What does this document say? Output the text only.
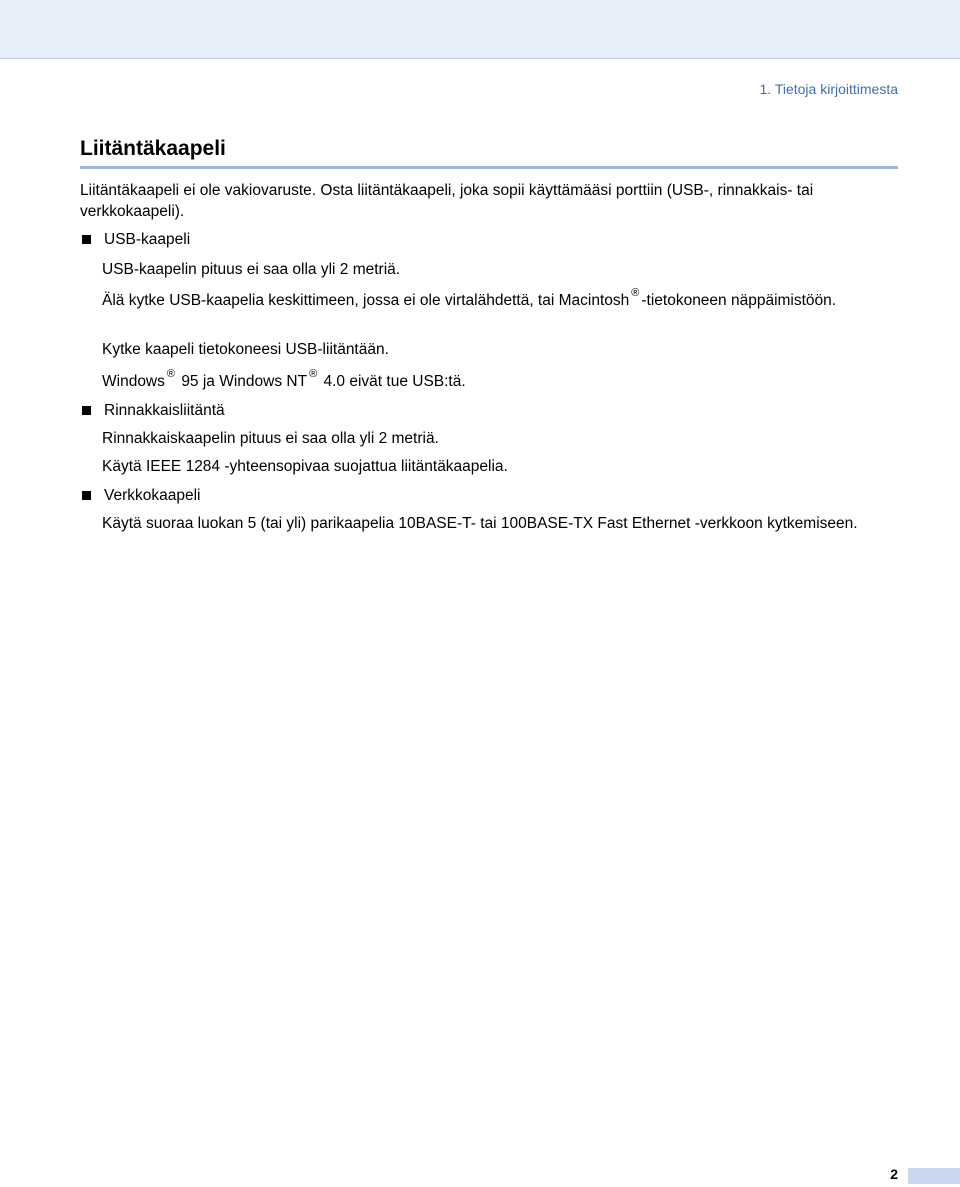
1. Tietoja kirjoittimesta
Liitäntäkaapeli
Liitäntäkaapeli ei ole vakiovaruste. Osta liitäntäkaapeli, joka sopii käyttämääsi porttiin (USB-, rinnakkais- tai verkkokaapeli).
USB-kaapeli
USB-kaapelin pituus ei saa olla yli 2 metriä.
Älä kytke USB-kaapelia keskittimeen, jossa ei ole virtalähdettä, tai Macintosh ® -tietokoneen näppäimistöön.
Kytke kaapeli tietokoneesi USB-liitäntään.
Windows ® 95 ja Windows NT ® 4.0 eivät tue USB:tä.
Rinnakkaisliitäntä
Rinnakkaiskaapelin pituus ei saa olla yli 2 metriä.
Käytä IEEE 1284 -yhteensopivaa suojattua liitäntäkaapelia.
Verkkokaapeli
Käytä suoraa luokan 5 (tai yli) parikaapelia 10BASE-T- tai 100BASE-TX Fast Ethernet -verkkoon kytkemiseen.
2
